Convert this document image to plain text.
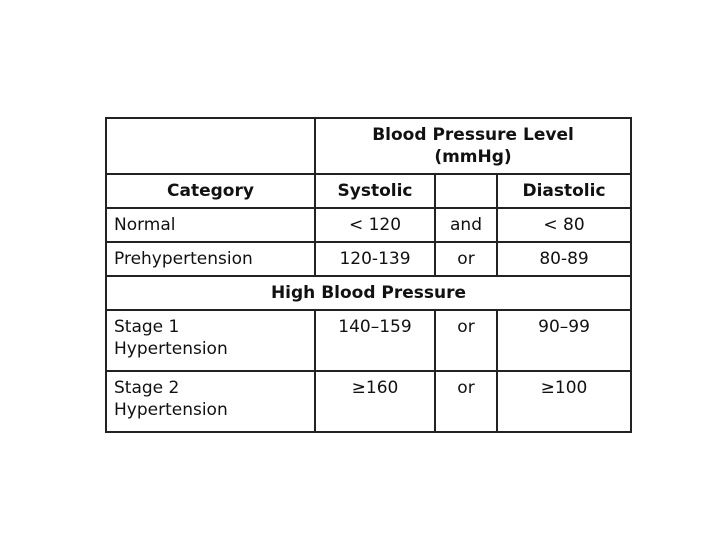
	Blood Pressure Level
(mmHg)		
Category	Systolic		Diastolic
Normal	< 120	and	< 80
Prehypertension	120-139	or	80-89
High Blood Pressure			
Stage 1
Hypertension	140–159	or	90–99
Stage 2
Hypertension	≥160	or	≥100
